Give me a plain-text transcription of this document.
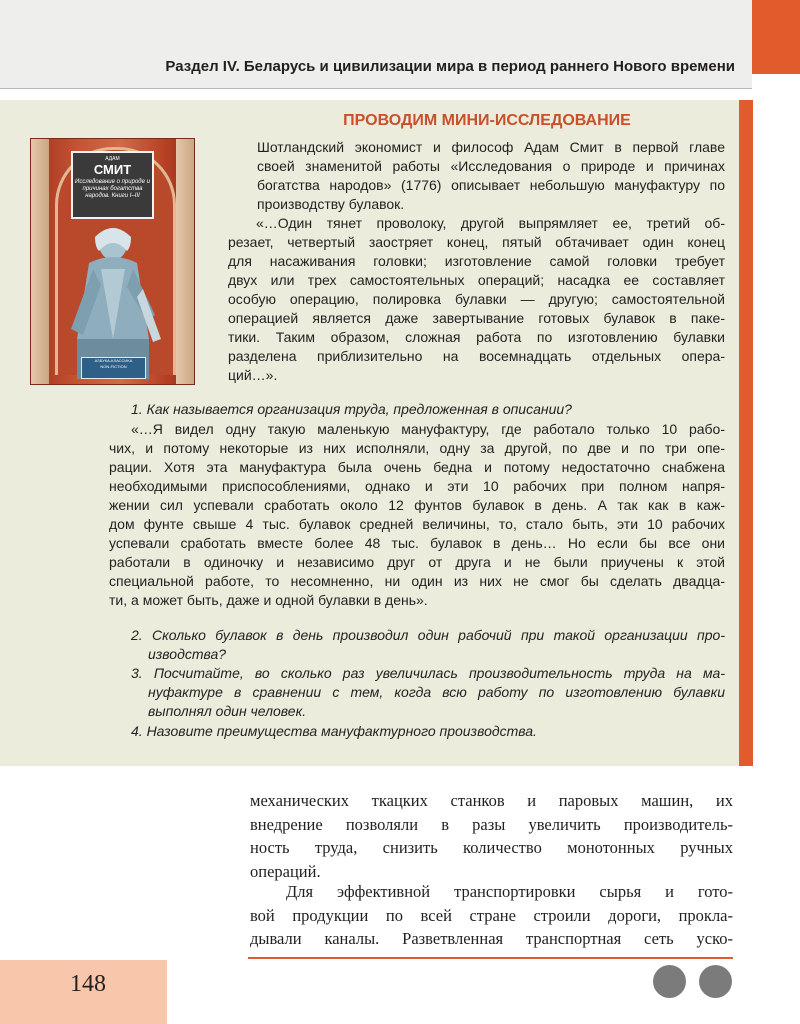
Раздел IV. Беларусь и цивилизации мира в период раннего Нового времени
ПРОВОДИМ МИНИ-ИССЛЕДОВАНИЕ
АДАМ
СМИТ
Исследование о природе и причинах богатства народов. Книги I–III
АЗБУКА-КЛАССИКА
NON-FICTION
Шотландский экономист и философ Адам Смит в первой главе
своей знаменитой работы «Исследования о природе и причинах
богатства народов» (1776) описывает небольшую мануфактуру по
производству булавок.
«…Один тянет проволоку, другой выпрямляет ее, третий об-
резает, четвертый заостряет конец, пятый обтачивает один конец
для насаживания головки; изготовление самой головки требует
двух или трех самостоятельных операций; насадка ее составляет
особую операцию, полировка булавки — другую; самостоятельной
операцией является даже завертывание готовых булавок в паке-
тики. Таким образом, сложная работа по изготовлению булавки
разделена приблизительно на восемнадцать отдельных опера-
ций…».
1. Как называется организация труда, предложенная в описании?
«…Я видел одну такую маленькую мануфактуру, где работало только 10 рабо-
чих, и потому некоторые из них исполняли, одну за другой, по две и по три опе-
рации. Хотя эта мануфактура была очень бедна и потому недостаточно снабжена
необходимыми приспособлениями, однако и эти 10 рабочих при полном напря-
жении сил успевали сработать около 12 фунтов булавок в день. А так как в каж-
дом фунте свыше 4 тыс. булавок средней величины, то, стало быть, эти 10 рабочих
успевали сработать вместе более 48 тыс. булавок в день… Но если бы все они
работали в одиночку и независимо друг от друга и не были приучены к этой
специальной работе, то несомненно, ни один из них не смог бы сделать двадца-
ти, а может быть, даже и одной булавки в день».
2. Сколько булавок в день производил один рабочий при такой организации про-
изводства?
3. Посчитайте, во сколько раз увеличилась производительность труда на ма-
нуфактуре в сравнении с тем, когда всю работу по изготовлению булавки
выполнял один человек.
4. Назовите преимущества мануфактурного производства.
механических ткацких станков и паровых машин, их
внедрение позволяли в разы увеличить производитель-
ность труда, снизить количество монотонных ручных
операций.
Для эффективной транспортировки сырья и гото-
вой продукции по всей стране строили дороги, прокла-
дывали каналы. Разветвленная транспортная сеть уско-
148
